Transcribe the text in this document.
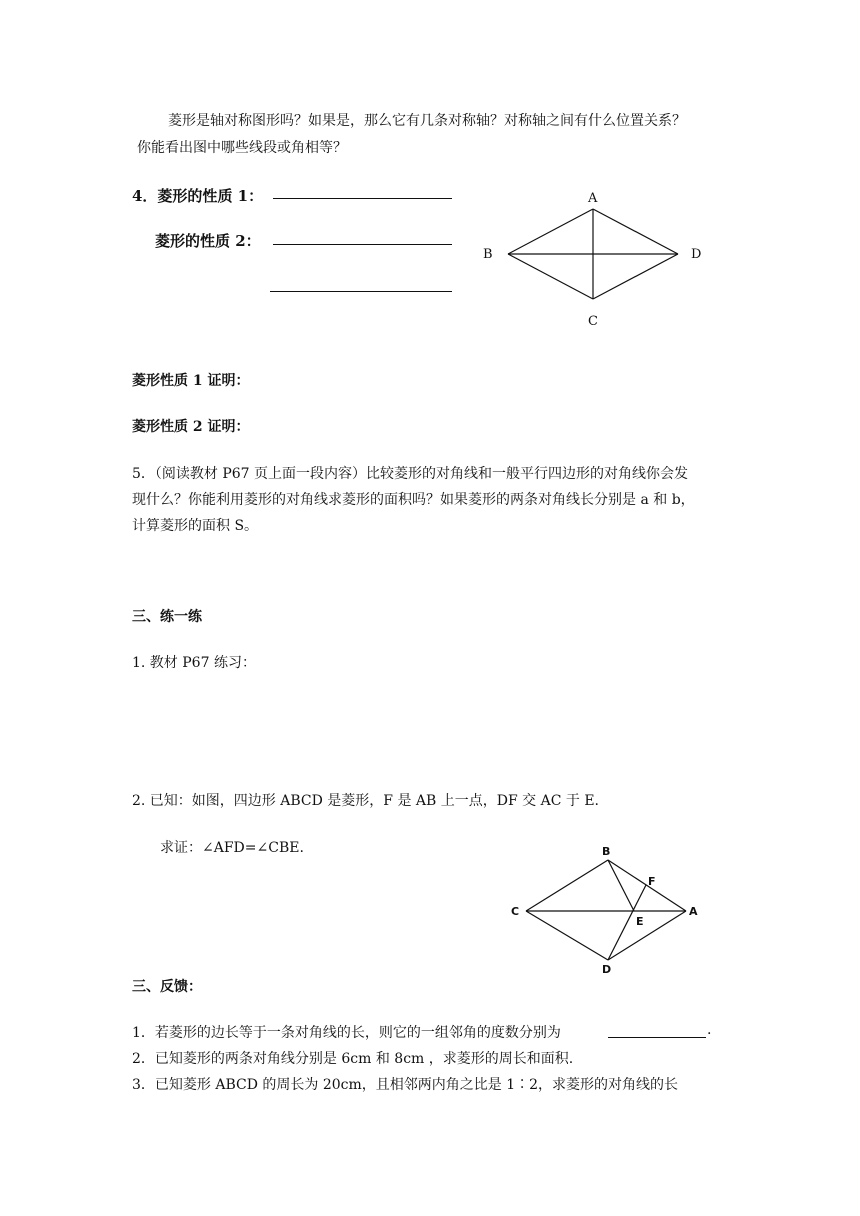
菱形是轴对称图形吗？如果是，那么它有几条对称轴？对称轴之间有什么位置关系？
你能看出图中哪些线段或角相等？
4．菱形的性质 1：
菱形的性质 2：
A
B	D
C
菱形性质 1 证明：
菱形性质 2 证明：
5．（阅读教材 P67 页上面一段内容）比较菱形的对角线和一般平行四边形的对角线你会发
现什么？你能利用菱形的对角线求菱形的面积吗？如果菱形的两条对角线长分别是 a 和 b，
计算菱形的面积 S。
三、练一练
1. 教材 P67 练习：
2. 已知：如图，四边形 ABCD 是菱形，F 是 AB 上一点，DF 交 AC 于 E.
求证：∠AFD=∠CBE.	B
F
C
E
A
D
三、反馈：
1．若菱形的边长等于一条对角线的长，则它的一组邻角的度数分别为	.
2．已知菱形的两条对角线分别是 6cm 和 8cm ，求菱形的周长和面积.
3．已知菱形 ABCD 的周长为 20cm，且相邻两内角之比是 1∶2，求菱形的对角线的长
